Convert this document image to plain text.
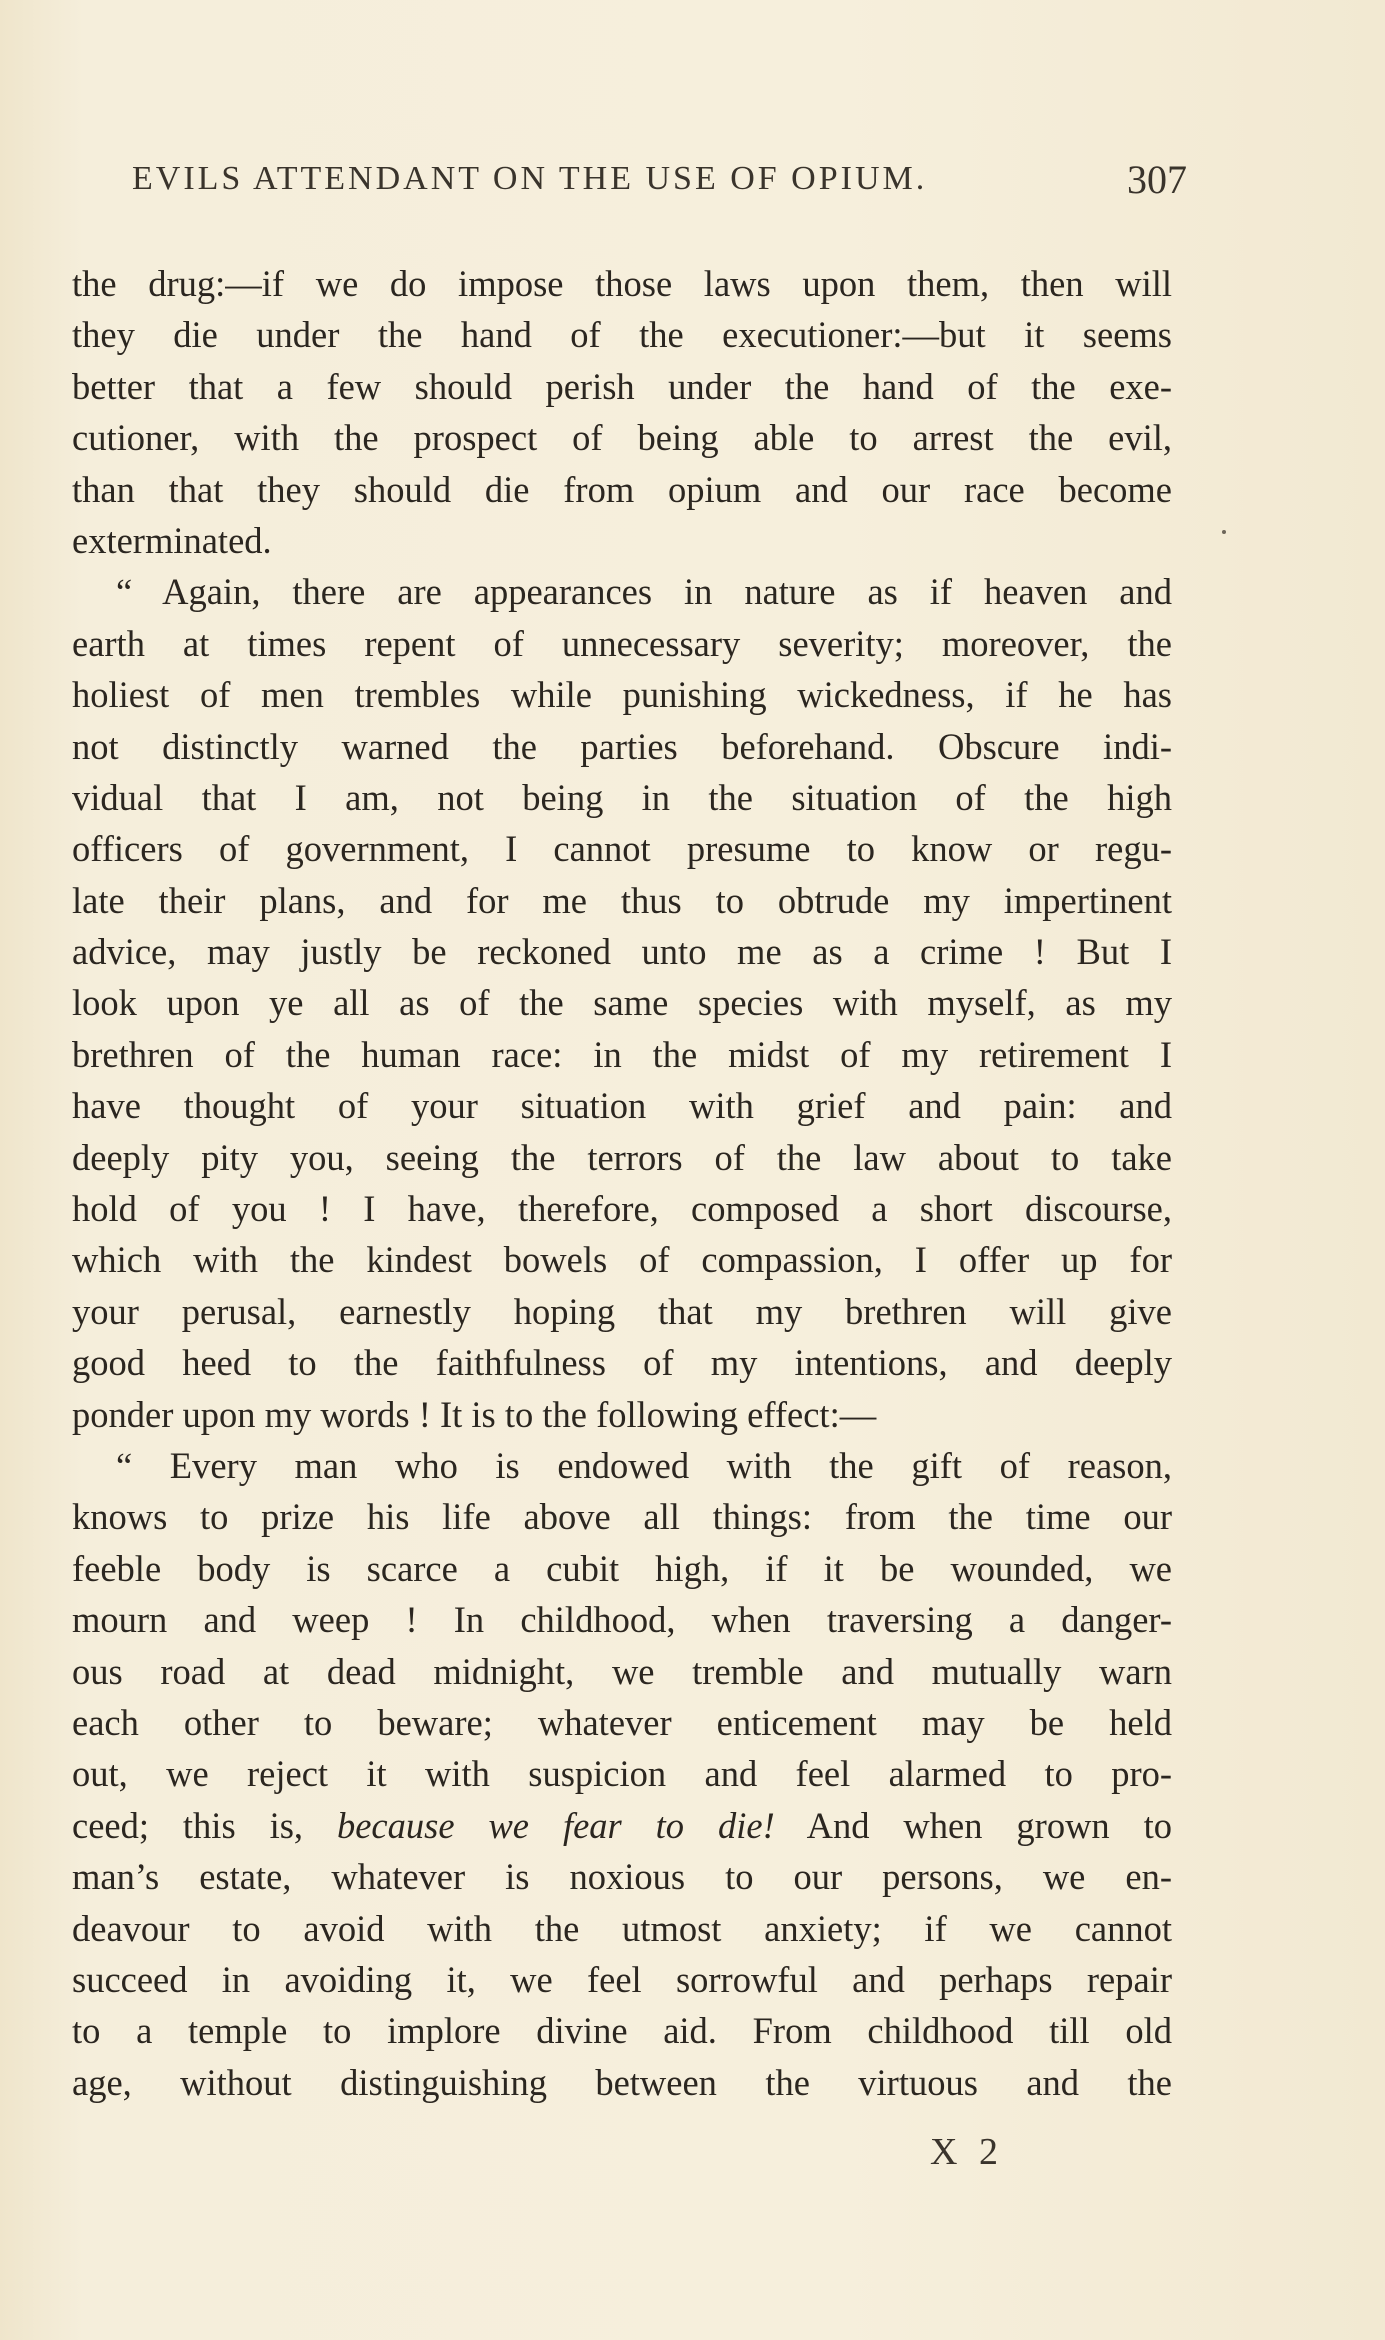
EVILS ATTENDANT ON THE USE OF OPIUM.	307
the drug:—if we do impose those laws upon them, then will
they die under the hand of the executioner:—but it seems
better that a few should perish under the hand of the exe-
cutioner, with the prospect of being able to arrest the evil,
than that they should die from opium and our race become
exterminated.
“ Again, there are appearances in nature as if heaven and
earth at times repent of unnecessary severity; moreover, the
holiest of men trembles while punishing wickedness, if he has
not distinctly warned the parties beforehand. Obscure indi-
vidual that I am, not being in the situation of the high
officers of government, I cannot presume to know or regu-
late their plans, and for me thus to obtrude my impertinent
advice, may justly be reckoned unto me as a crime ! But I
look upon ye all as of the same species with myself, as my
brethren of the human race: in the midst of my retirement I
have thought of your situation with grief and pain: and
deeply pity you, seeing the terrors of the law about to take
hold of you ! I have, therefore, composed a short discourse,
which with the kindest bowels of compassion, I offer up for
your perusal, earnestly hoping that my brethren will give
good heed to the faithfulness of my intentions, and deeply
ponder upon my words ! It is to the following effect:—
“ Every man who is endowed with the gift of reason,
knows to prize his life above all things: from the time our
feeble body is scarce a cubit high, if it be wounded, we
mourn and weep ! In childhood, when traversing a danger-
ous road at dead midnight, we tremble and mutually warn
each other to beware; whatever enticement may be held
out, we reject it with suspicion and feel alarmed to pro-
ceed; this is, because we fear to die! And when grown to
man’s estate, whatever is noxious to our persons, we en-
deavour to avoid with the utmost anxiety; if we cannot
succeed in avoiding it, we feel sorrowful and perhaps repair
to a temple to implore divine aid. From childhood till old
age, without distinguishing between the virtuous and the
X 2
